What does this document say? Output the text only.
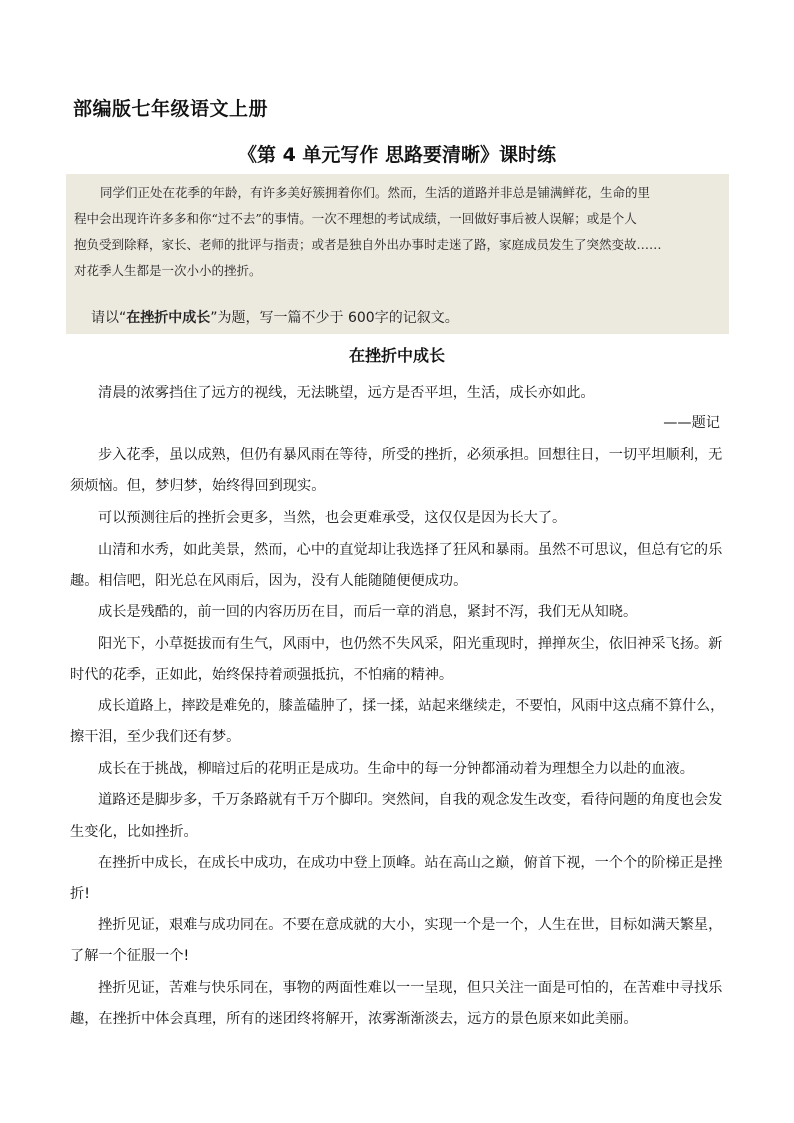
部编版七年级语文上册
《第 4 单元写作 思路要清晰》课时练
同学们正处在花季的年龄，有许多美好簇拥着你们。然而，生活的道路并非总是铺满鲜花，生命的里
程中会出现许许多多和你“过不去”的事情。一次不理想的考试成绩，一回做好事后被人误解；或是个人
抱负受到除释，家长、老师的批评与指责；或者是独自外出办事时走迷了路，家庭成员发生了突然变故……
对花季人生都是一次小小的挫折。
请以“在挫折中成长”为题，写一篇不少于 600字的记叙文。
在挫折中成长
清晨的浓雾挡住了远方的视线，无法眺望，远方是否平坦，生活，成长亦如此。
——题记
步入花季，虽以成熟，但仍有暴风雨在等待，所受的挫折，必须承担。回想往日，一切平坦顺利，无
须烦恼。但，梦归梦，始终得回到现实。
可以预测往后的挫折会更多，当然，也会更难承受，这仅仅是因为长大了。
山清和水秀，如此美景，然而，心中的直觉却让我选择了狂风和暴雨。虽然不可思议，但总有它的乐
趣。相信吧，阳光总在风雨后，因为，没有人能随随便便成功。
成长是残酷的，前一回的内容历历在目，而后一章的消息，紧封不泻，我们无从知晓。
阳光下，小草挺拔而有生气，风雨中，也仍然不失风采，阳光重现时，掸掸灰尘，依旧神采飞扬。新
时代的花季，正如此，始终保持着顽强抵抗，不怕痛的精神。
成长道路上，摔跤是难免的，膝盖磕肿了，揉一揉，站起来继续走，不要怕，风雨中这点痛不算什么，
擦干泪，至少我们还有梦。
成长在于挑战，柳暗过后的花明正是成功。生命中的每一分钟都涌动着为理想全力以赴的血液。
道路还是脚步多，千万条路就有千万个脚印。突然间，自我的观念发生改变，看待问题的角度也会发
生变化，比如挫折。
在挫折中成长，在成长中成功，在成功中登上顶峰。站在高山之巅，俯首下视，一个个的阶梯正是挫
折!
挫折见证，艰难与成功同在。不要在意成就的大小，实现一个是一个，人生在世，目标如满天繁星，
了解一个征服一个!
挫折见证，苦难与快乐同在，事物的两面性难以一一呈现，但只关注一面是可怕的，在苦难中寻找乐
趣，在挫折中体会真理，所有的迷团终将解开，浓雾渐渐淡去，远方的景色原来如此美丽。
